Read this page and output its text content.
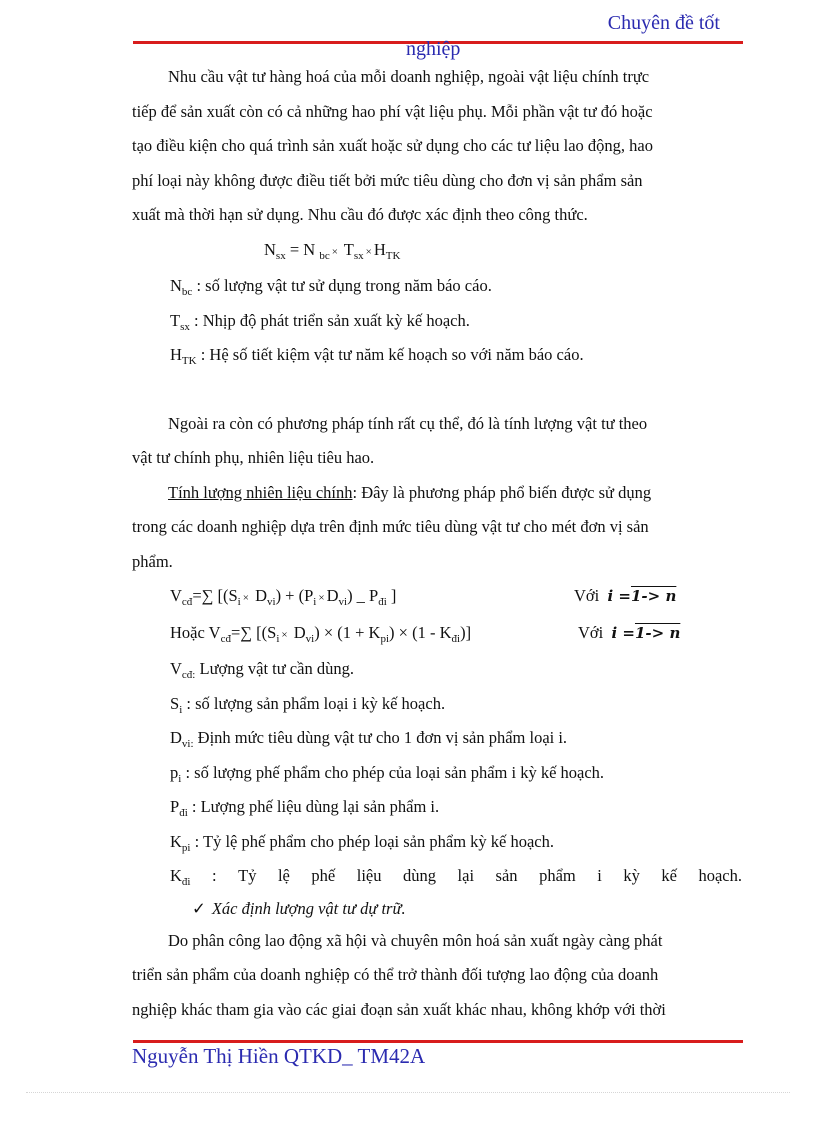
Chuyên đề tốt
nghiệp
Nhu cầu vật tư hàng hoá của mỗi doanh nghiệp, ngoài vật liệu chính trực
tiếp để sản xuất còn có cả những hao phí vật liệu phụ. Mỗi phần vật tư đó hoặc
tạo điều kiện cho quá trình sản xuất hoặc sử dụng cho các tư liệu lao động, hao
phí loại này không được điều tiết bởi mức tiêu dùng cho đơn vị sản phẩm sản
xuất mà thời hạn sử dụng. Nhu cầu đó được xác định theo công thức.
$N_{sx} = N$ $_{bc} \times T_{sx} \times H_{TK}$
$N_{bc}$ : số lượng vật tư sử dụng trong năm báo cáo.
$T_{sx}$ : Nhịp độ phát triển sản xuất kỳ kế hoạch.
$H_{TK}$ : Hệ số tiết kiệm vật tư năm kế hoạch so với năm báo cáo.
Ngoài ra còn có phương pháp tính rất cụ thể, đó là tính lượng vật tư theo
vật tư chính phụ, nhiên liệu tiêu hao.
Tính lượng nhiên liệu chính: Đây là phương pháp phổ biến được sử dụng
trong các doanh nghiệp dựa trên định mức tiêu dùng vật tư cho mét đơn vị sản
phẩm.
$V_{cđ}=\sum$ [$(S_i \times D_{vi}) + (P_i \times D_{vi})$ _ $P_{đi}$ ]	Với i =1-> n
Hoặc $V_{cđ}=\sum$ $[(S_i \times D_{vi}) \times (1 + K_{pi}) \times (1 - K_{đi})]$	Với i =1-> n
$V_{cđ:}$ Lượng vật tư cần dùng.
$S_i$ : số lượng sản phẩm loại i kỳ kế hoạch.
$D_{vi:}$ Định mức tiêu dùng vật tư cho 1 đơn vị sản phẩm loại i.
$p_i$ : số lượng phế phẩm cho phép của loại sản phẩm i kỳ kế hoạch.
$P_{đi}$ : Lượng phế liệu dùng lại sản phẩm i.
$K_{pi}$ : Tỷ lệ phế phẩm cho phép loại sản phẩm kỳ kế hoạch.
$K_{đi}$ : Tỷ lệ phế liệu dùng lại sản phẩm i kỳ kế hoạch.
✓ Xác định lượng vật tư dự trữ.
Do phân công lao động xã hội và chuyên môn hoá sản xuất ngày càng phát
triển sản phẩm của doanh nghiệp có thể trở thành đối tượng lao động của doanh
nghiệp khác tham gia vào các giai đoạn sản xuất khác nhau, không khớp với thời
Nguyễn Thị Hiền QTKD_ TM42A
